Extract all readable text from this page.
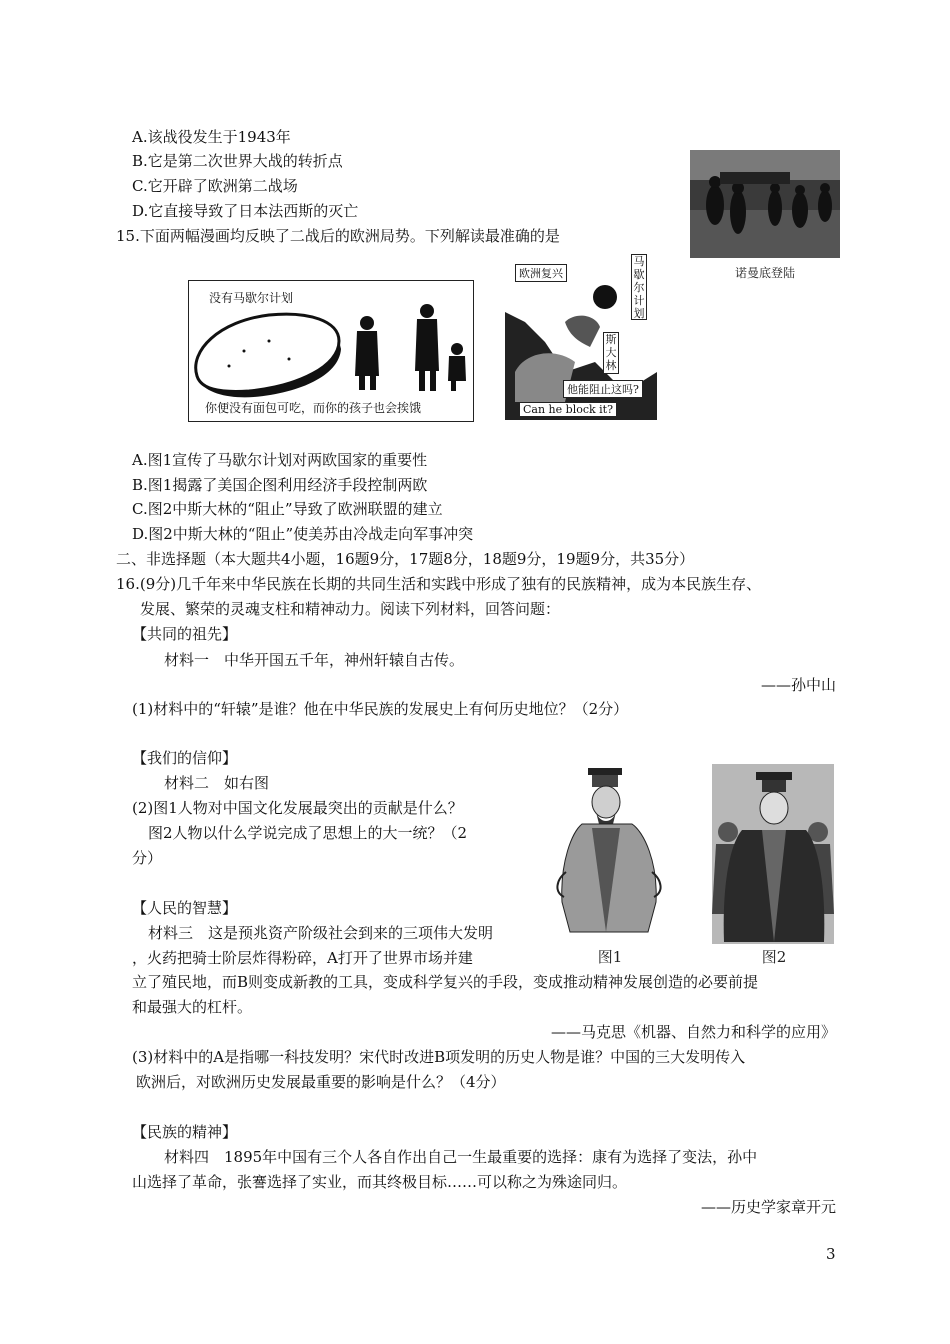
A.该战役发生于1943年
B.它是第二次世界大战的转折点
C.它开辟了欧洲第二战场
D.它直接导致了日本法西斯的灭亡
诺曼底登陆
15.下面两幅漫画均反映了二战后的欧洲局势。下列解读最准确的是
没有马歇尔计划
你便没有面包可吃，而你的孩子也会挨饿
欧洲复兴
马歇尔计划
斯大林
他能阻止这吗?
Can he block it?
A.图1宣传了马歇尔计划对两欧国家的重要性
B.图1揭露了美国企图利用经济手段控制两欧
C.图2中斯大林的“阻止”导致了欧洲联盟的建立
D.图2中斯大林的“阻止”使美苏由冷战走向军事冲突
二、非选择题（本大题共4小题，16题9分，17题8分，18题9分，19题9分，共35分）
16.(9分)几千年来中华民族在长期的共同生活和实践中形成了独有的民族精神，成为本民族生存、
发展、繁荣的灵魂支柱和精神动力。阅读下列材料，回答问题：
【共同的祖先】
材料一　中华开国五千年，神州轩辕自古传。
——孙中山
(1)材料中的“轩辕”是谁？他在中华民族的发展史上有何历史地位？（2分）
【我们的信仰】
材料二　如右图
(2)图1人物对中国文化发展最突出的贡献是什么？
图2人物以什么学说完成了思想上的大一统？（2
分）
图1	图2
【人民的智慧】
材料三　这是预兆资产阶级社会到来的三项伟大发明
，火药把骑士阶层炸得粉碎，A打开了世界市场并建
立了殖民地，而B则变成新教的工具，变成科学复兴的手段，变成推动精神发展创造的必要前提
和最强大的杠杆。
——马克思《机器、自然力和科学的应用》
(3)材料中的A是指哪一科技发明？宋代时改进B项发明的历史人物是谁？中国的三大发明传入
欧洲后，对欧洲历史发展最重要的影响是什么？（4分）
【民族的精神】
材料四　1895年中国有三个人各自作出自己一生最重要的选择：康有为选择了变法，孙中
山选择了革命，张謇选择了实业，而其终极目标……可以称之为殊途同归。
——历史学家章开元
3
